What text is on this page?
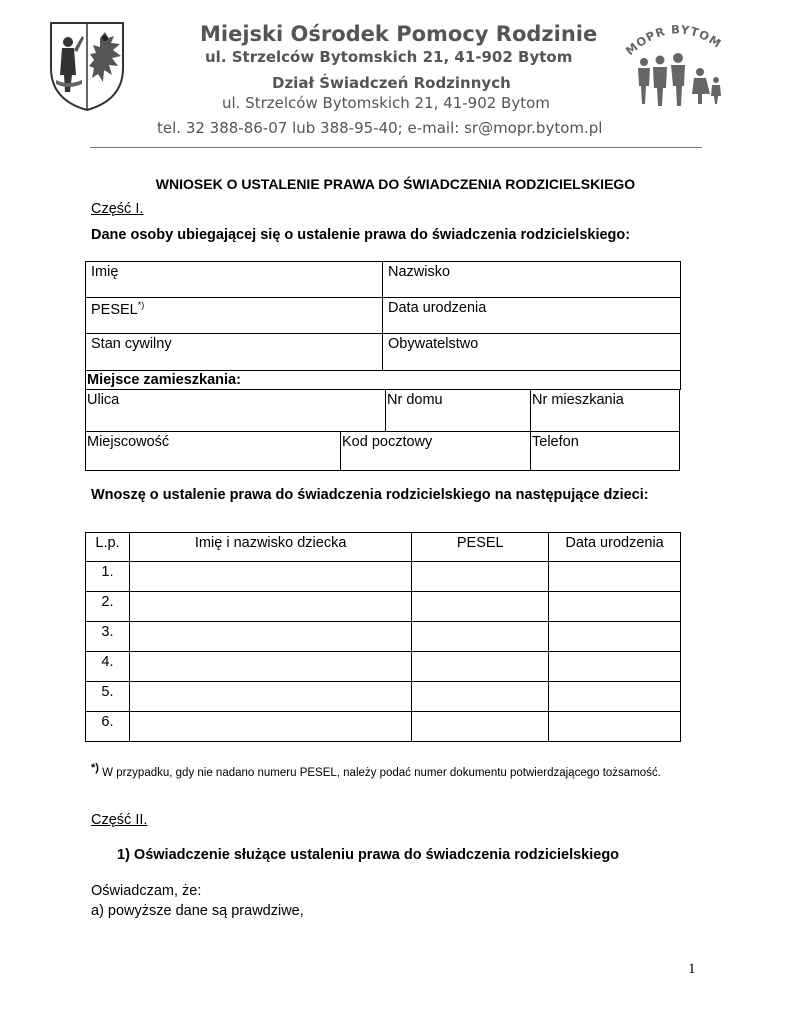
Miejski Ośrodek Pomocy Rodzinie
ul. Strzelców Bytomskich 21, 41-902 Bytom
Dział Świadczeń Rodzinnych
ul. Strzelców Bytomskich 21, 41-902 Bytom
tel. 32 388-86-07 lub 388-95-40; e-mail: sr@mopr.bytom.pl
MOPR BYTOM
WNIOSEK O USTALENIE PRAWA DO ŚWIADCZENIA RODZICIELSKIEGO
Część I.
Dane osoby ubiegającej się o ustalenie prawa do świadczenia rodzicielskiego:
Imię	Nazwisko
PESEL*)	Data urodzenia
Stan cywilny	Obywatelstwo
Miejsce zamieszkania:
Ulica	Nr domu	Nr mieszkania
Miejscowość	Kod pocztowy	Telefon
Wnoszę o ustalenie prawa do świadczenia rodzicielskiego na następujące dzieci:
L.p.	Imię i nazwisko dziecka	PESEL	Data urodzenia
1.			
2.			
3.			
4.			
5.			
6.			
*) W przypadku, gdy nie nadano numeru PESEL, należy podać numer dokumentu potwierdzającego tożsamość.
Część II.
1) Oświadczenie służące ustaleniu prawa do świadczenia rodzicielskiego
Oświadczam, że:
a) powyższe dane są prawdziwe,
1
